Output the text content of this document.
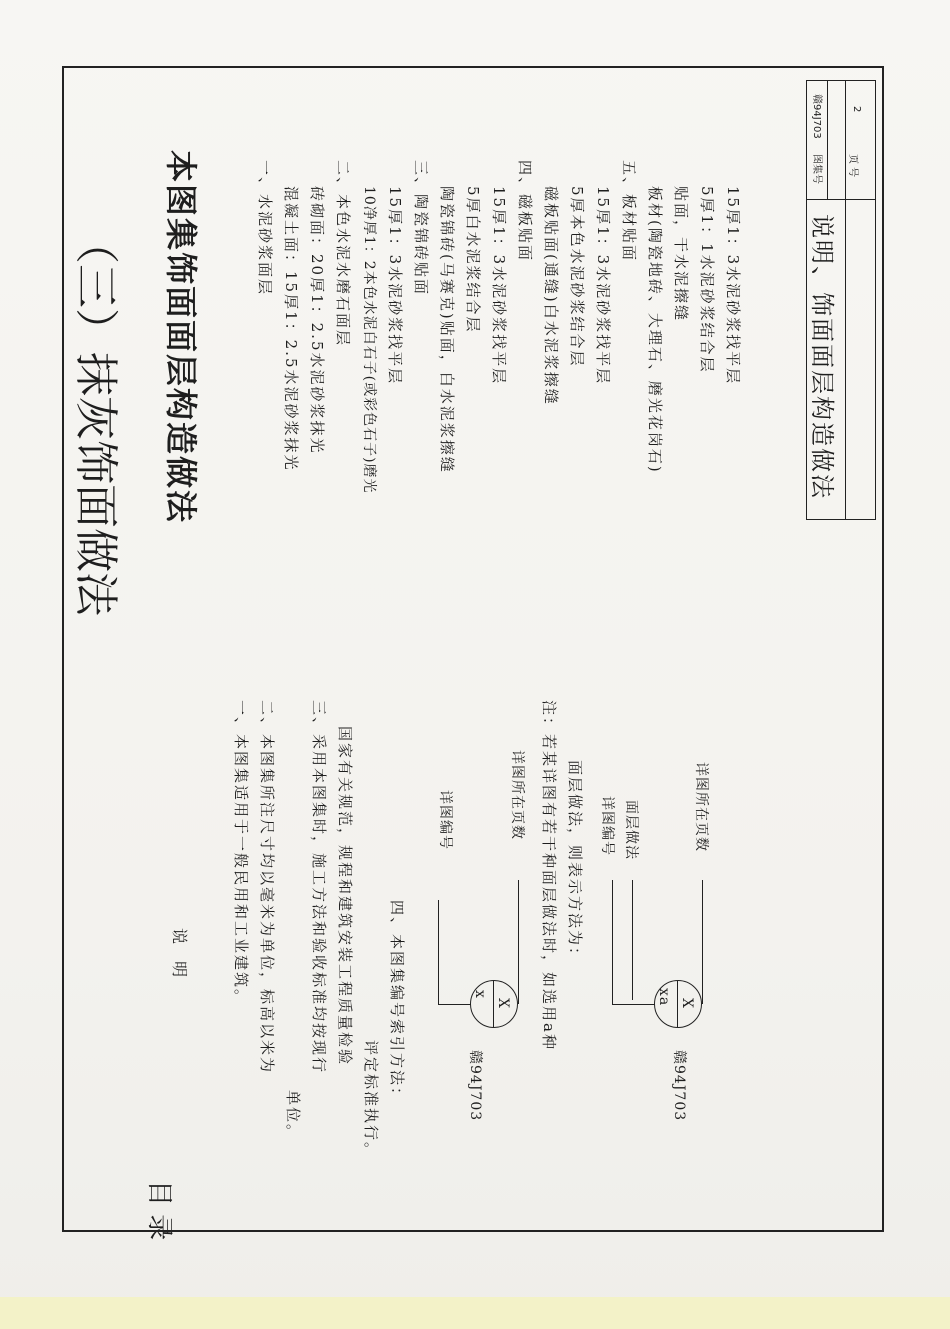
（三）抹灰饰面做法
目 录
本图集饰面面层构造做法	一、水泥砂浆面层 混凝土面：15厚1：2.5水泥砂浆抹光 砖砌面：20厚1：2.5水泥砂浆抹光 二、本色水泥水磨石面层 10净厚1：2本色水泥白石子(或彩色石子)磨光 15厚1：3水泥砂浆找平层 三、陶瓷锦砖贴面 陶瓷锦砖(马赛克)贴面，白水泥浆擦缝 5厚白水泥浆结合层 15厚1：3水泥砂浆找平层 四、磁板贴面 磁板贴面(通缝)白水泥浆擦缝 5厚本色水泥砂浆结合层 15厚1：3水泥砂浆找平层 五、板材贴面 板材(陶瓷地砖、大理石、磨光花岗石) 贴面，干水泥擦缝 5厚1：1水泥砂浆结合层 15厚1：3水泥砂浆找平层
说 明	一、本图集适用于一般民用和工业建筑。 二、本图集所注尺寸均以毫米为单位，标高以米为
单位。
三、采用本图集时，施工方法和验收标准均按现行 国家有关规范，规程和建筑安装工程质量检验
评定标准执行。 四、本图集编号索引方法：	赣94J703
x
X
详图编号	详图所在页数 注：若某详图有若干种面层做法时，如选用a种 面层做法，则表示方法为：
赣94J703
xa X
详图编号 面层做法	详图所在页数
图集号
赣94J703
页 号
2
说明、饰面面层构造做法
